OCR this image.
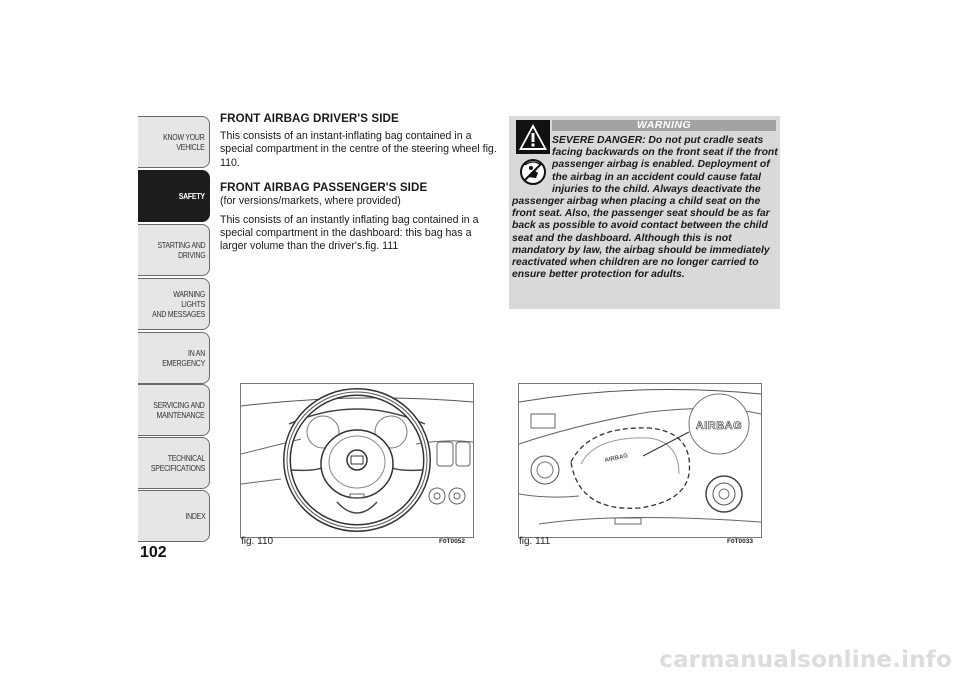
KNOW YOUR
VEHICLE
SAFETY
STARTING AND
DRIVING
WARNING LIGHTS
AND MESSAGES
IN AN EMERGENCY
SERVICING AND
MAINTENANCE
TECHNICAL
SPECIFICATIONS
INDEX
102

FRONT AIRBAG DRIVER'S SIDE

This consists of an instant-inflating bag contained in a special compartment in the centre of the steering wheel fig. 110.

FRONT AIRBAG PASSENGER'S SIDE

(for versions/markets, where provided)

This consists of an instantly inflating bag contained in a special compartment in the dashboard: this bag has a larger volume than the driver's.fig. 111

WARNING
SEVERE DANGER: Do not put cradle seats facing backwards on the front seat if the front passenger airbag is enabled. Deployment of the airbag in an accident could cause fatal injuries to the child. Always deactivate the passenger airbag when placing a child seat on the front seat. Also, the passenger seat should be as far back as possible to avoid contact between the child seat and the dashboard. Although this is not mandatory by law, the airbag should be immediately reactivated when children are no longer carried to ensure better protection for adults.
fig. 110	F0T0052
AIRBAG
AIRBAG
fig. 111	F0T0033
carmanualsonline.info
